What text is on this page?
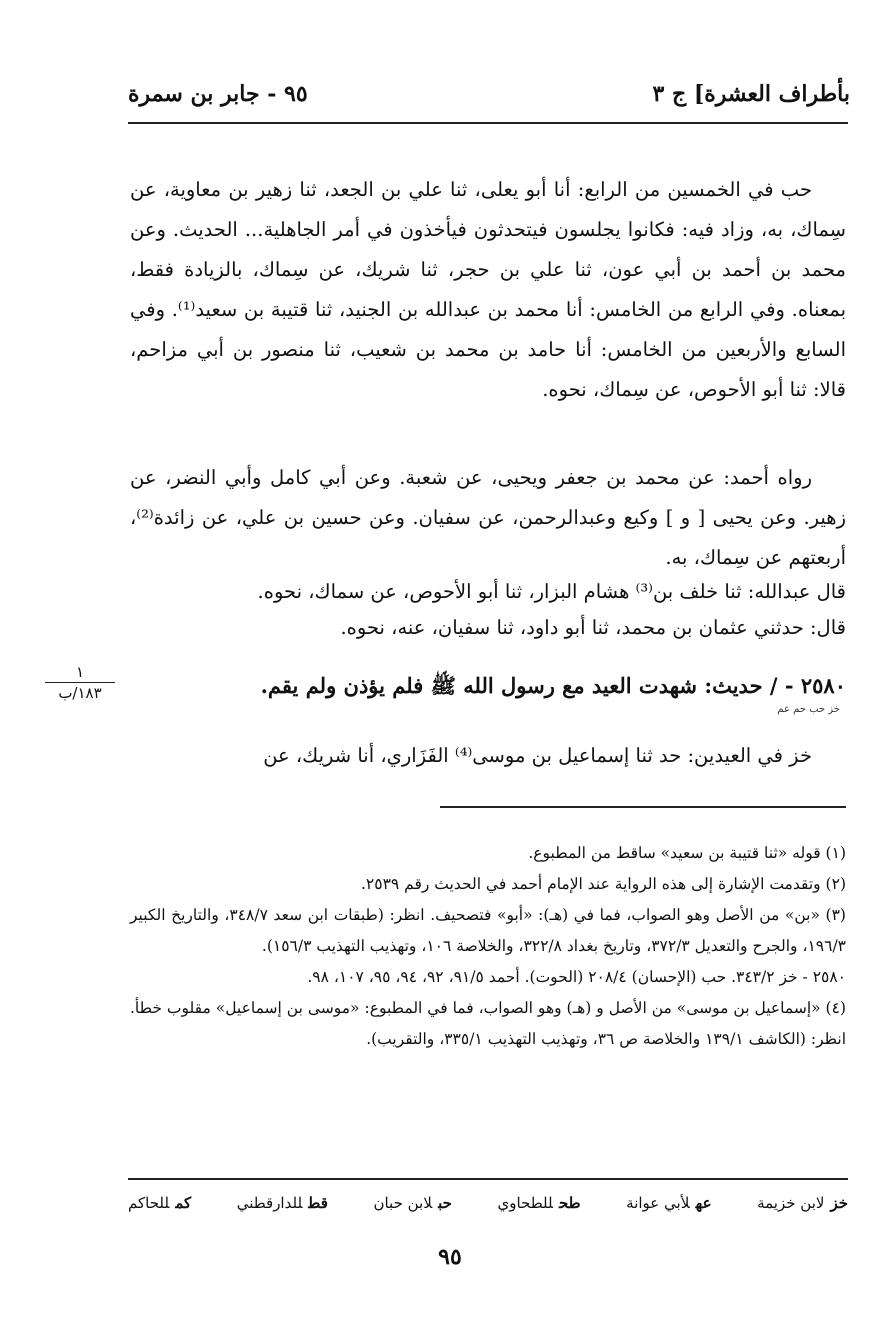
بأطراف العشرة] ج ٣
٩٥ - جابر بن سمرة

حب في الخمسين من الرابع: أنا أبو يعلى، ثنا علي بن الجعد، ثنا زهير بن معاوية، عن سِماك، به، وزاد فيه: فكانوا يجلسون فيتحدثون فيأخذون في أمر الجاهلية... الحديث. وعن محمد بن أحمد بن أبي عون، ثنا علي بن حجر، ثنا شريك، عن سِماك، بالزيادة فقط، بمعناه. وفي الرابع من الخامس: أنا محمد بن عبدالله بن الجنيد، ثنا قتيبة بن سعيد⁽¹⁾. وفي السابع والأربعين من الخامس: أنا حامد بن محمد بن شعيب، ثنا منصور بن أبي مزاحم، قالا: ثنا أبو الأحوص، عن سِماك، نحوه.

رواه أحمد: عن محمد بن جعفر ويحيى، عن شعبة. وعن أبي كامل وأبي النضر، عن زهير. وعن يحيى [ و ] وكيع وعبدالرحمن، عن سفيان. وعن حسين بن علي، عن زائدة⁽²⁾، أربعتهم عن سِماك، به.

قال عبدالله: ثنا خلف بن⁽³⁾ هشام البزار، ثنا أبو الأحوص، عن سماك، نحوه.

قال: حدثني عثمان بن محمد، ثنا أبو داود، ثنا سفيان، عنه، نحوه.

٢٥٨٠ - / حديث: شهدت العيد مع رسول الله ﷺ فلم يؤذن ولم يقم.
خز حب حم عم
١
١٨٣/ب

خز في العيدين: حد ثنا إسماعيل بن موسى⁽⁴⁾ الفَزَاري، أنا شريك، عن

(١) قوله «ثنا قتيبة بن سعيد» ساقط من المطبوع.

(٢) وتقدمت الإشارة إلى هذه الرواية عند الإمام أحمد في الحديث رقم ٢٥٣٩.

(٣) «بن» من الأصل وهو الصواب، فما في (هـ): «أبو» فتصحيف. انظر: (طبقات ابن سعد ٣٤٨/٧، والتاريخ الكبير ١٩٦/٣، والجرح والتعديل ٣٧٢/٣، وتاريخ بغداد ٣٢٢/٨، والخلاصة ١٠٦، وتهذيب التهذيب ١٥٦/٣).

٢٥٨٠ - خز ٣٤٣/٢. حب (الإحسان) ٢٠٨/٤ (الحوت). أحمد ٩١/٥، ٩٢، ٩٤، ٩٥، ١٠٧، ٩٨.

(٤) «إسماعيل بن موسى» من الأصل و (هـ) وهو الصواب، فما في المطبوع: «موسى بن إسماعيل» مقلوب خطأ. انظر: (الكاشف ١٣٩/١ والخلاصة ص ٣٦، وتهذيب التهذيب ٣٣٥/١، والتقريب).

خزلابن خزيمة
عهلأبي عوانة
طحللطحاوي
حبلابن حبان
قطللدارقطني
كمللحاكم
٩٥
